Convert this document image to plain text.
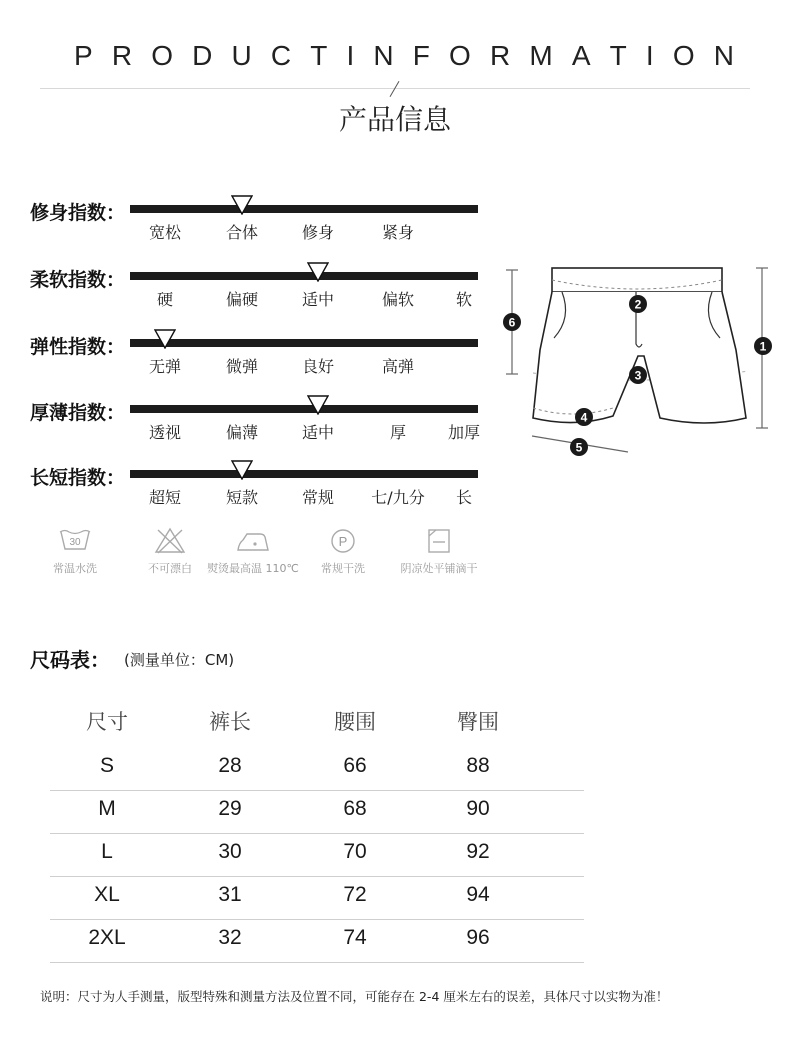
P R O D U C T I N F O R M A T I O N
产品信息
修身指数：
宽松	合体	修身	紧身
柔软指数：
硬	偏硬	适中	偏软	软
弹性指数：
无弹	微弹	良好	高弹
厚薄指数：
透视	偏薄	适中	厚	加厚
长短指数：
超短	短款	常规 七/九分 长
30
常温水洗	不可漂白	熨烫最高温 110℃
P
常规干洗	阴凉处平铺滴干
1
2
3
4
5
6
尺码表： (测量单位：CM)
尺寸	裤长	腰围	臀围
S	28	66	88
M	29	68	90
L	30	70	92
XL	31	72	94
2XL	32	74	96
说明：尺寸为人手测量，版型特殊和测量方法及位置不同，可能存在 2-4 厘米左右的误差，具体尺寸以实物为准！
